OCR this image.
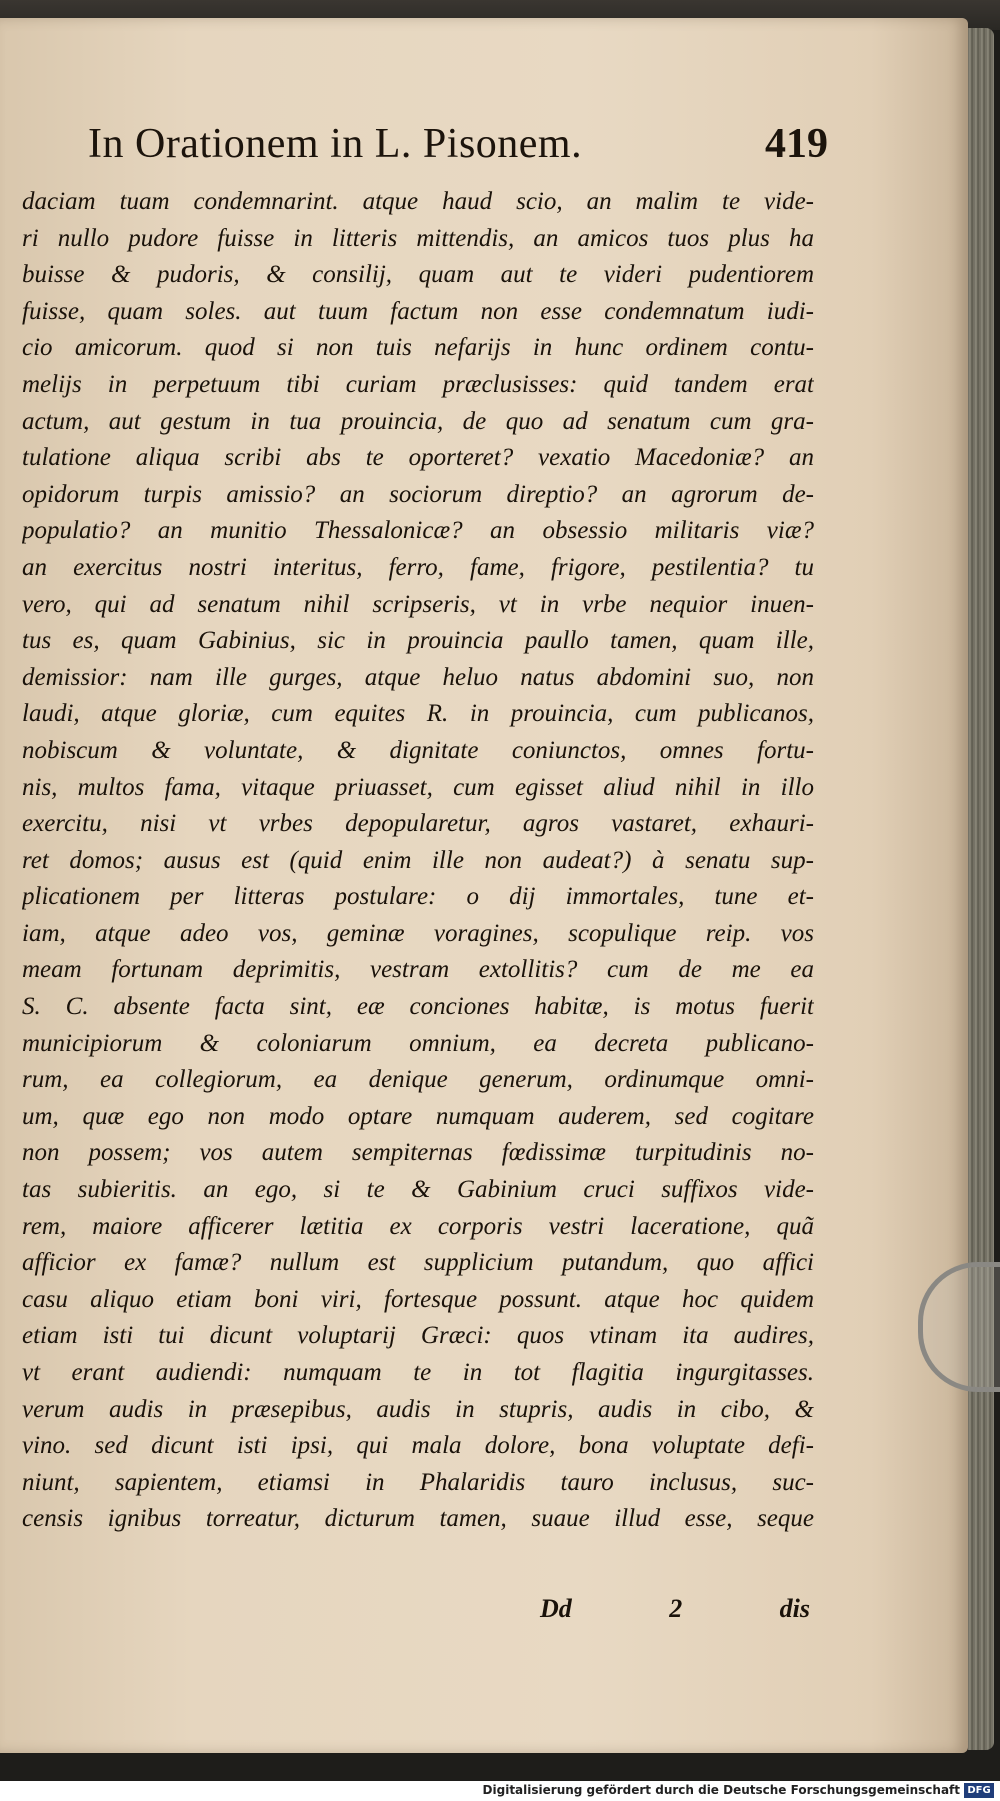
In Orationem in L. Pisonem.	419
daciam tuam condemnarint. atque haud scio, an malim te vide-
ri nullo pudore fuisse in litteris mittendis, an amicos tuos plus ha
buisse & pudoris, & consilij, quam aut te videri pudentiorem
fuisse, quam soles. aut tuum factum non esse condemnatum iudi-
cio amicorum. quod si non tuis nefarijs in hunc ordinem contu-
melijs in perpetuum tibi curiam præclusisses: quid tandem erat
actum, aut gestum in tua prouincia, de quo ad senatum cum gra-
tulatione aliqua scribi abs te oporteret? vexatio Macedoniæ? an
opidorum turpis amissio? an sociorum direptio? an agrorum de-
populatio? an munitio Thessalonicæ? an obsessio militaris viæ?
an exercitus nostri interitus, ferro, fame, frigore, pestilentia? tu
vero, qui ad senatum nihil scripseris, vt in vrbe nequior inuen-
tus es, quam Gabinius, sic in prouincia paullo tamen, quam ille,
demissior: nam ille gurges, atque heluo natus abdomini suo, non
laudi, atque gloriæ, cum equites R. in prouincia, cum publicanos,
nobiscum & voluntate, & dignitate coniunctos, omnes fortu-
nis, multos fama, vitaque priuasset, cum egisset aliud nihil in illo
exercitu, nisi vt vrbes depopularetur, agros vastaret, exhauri-
ret domos; ausus est (quid enim ille non audeat?) à senatu sup-
plicationem per litteras postulare: o dij immortales, tune et-
iam, atque adeo vos, geminæ voragines, scopulique reip. vos
meam fortunam deprimitis, vestram extollitis? cum de me ea
S. C. absente facta sint, eæ conciones habitæ, is motus fuerit
municipiorum & coloniarum omnium, ea decreta publicano-
rum, ea collegiorum, ea denique generum, ordinumque omni-
um, quæ ego non modo optare numquam auderem, sed cogitare
non possem; vos autem sempiternas fœdissimæ turpitudinis no-
tas subieritis. an ego, si te & Gabinium cruci suffixos vide-
rem, maiore afficerer lætitia ex corporis vestri laceratione, quã
afficior ex famæ? nullum est supplicium putandum, quo affici
casu aliquo etiam boni viri, fortesque possunt. atque hoc quidem
etiam isti tui dicunt voluptarij Græci: quos vtinam ita audires,
vt erant audiendi: numquam te in tot flagitia ingurgitasses.
verum audis in præsepibus, audis in stupris, audis in cibo, &
vino. sed dicunt isti ipsi, qui mala dolore, bona voluptate defi-
niunt, sapientem, etiamsi in Phalaridis tauro inclusus, suc-
censis ignibus torreatur, dicturum tamen, suaue illud esse, seque
Dd	2	dis
Digitalisierung gefördert durch die Deutsche Forschungsgemeinschaft DFG
